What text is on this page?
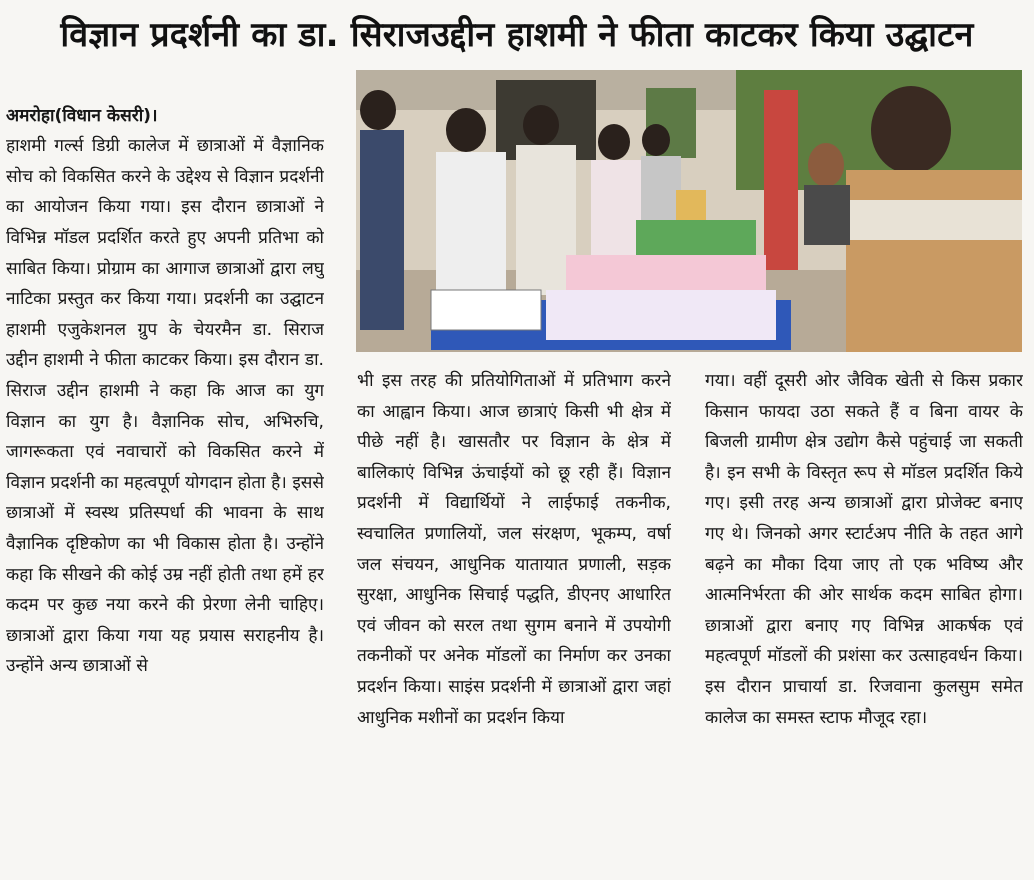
विज्ञान प्रदर्शनी का डा. सिराजउद्दीन हाशमी ने फीता काटकर किया उद्घाटन

अमरोहा(विधान केसरी)।
हाशमी गर्ल्स डिग्री कालेज में छात्राओं में वैज्ञानिक सोच को विकसित करने के उद्देश्य से विज्ञान प्रदर्शनी का आयोजन किया गया। इस दौरान छात्राओं ने विभिन्न मॉडल प्रदर्शित करते हुए अपनी प्रतिभा को साबित किया। प्रोग्राम का आगाज छात्राओं द्वारा लघु नाटिका प्रस्तुत कर किया गया। प्रदर्शनी का उद्घाटन हाशमी एजुकेशनल ग्रुप के चेयरमैन डा. सिराज उद्दीन हाशमी ने फीता काटकर किया। इस दौरान डा. सिराज उद्दीन हाशमी ने कहा कि आज का युग विज्ञान का युग है। वैज्ञानिक सोच, अभिरुचि, जागरूकता एवं नवाचारों को विकसित करने में विज्ञान प्रदर्शनी का महत्वपूर्ण योगदान होता है। इससे छात्राओं में स्वस्थ प्रतिस्पर्धा की भावना के साथ वैज्ञानिक दृष्टिकोण का भी विकास होता है। उन्होंने कहा कि सीखने की कोई उम्र नहीं होती तथा हमें हर कदम पर कुछ नया करने की प्रेरणा लेनी चाहिए। छात्राओं द्वारा किया गया यह प्रयास सराहनीय है। उन्होंने अन्य छात्राओं से

भी इस तरह की प्रतियोगिताओं में प्रतिभाग करने का आह्वान किया। आज छात्राएं किसी भी क्षेत्र में पीछे नहीं है। खासतौर पर विज्ञान के क्षेत्र में बालिकाएं विभिन्न ऊंचाईयों को छू रही हैं। विज्ञान प्रदर्शनी में विद्यार्थियों ने लाईफाई तकनीक, स्वचालित प्रणालियों, जल संरक्षण, भूकम्प, वर्षा जल संचयन, आधुनिक यातायात प्रणाली, सड़क सुरक्षा, आधुनिक सिचाई पद्धति, डीएनए आधारित एवं जीवन को सरल तथा सुगम बनाने में उपयोगी तकनीकों पर अनेक मॉडलों का निर्माण कर उनका प्रदर्शन किया। साइंस प्रदर्शनी में छात्राओं द्वारा जहां आधुनिक मशीनों का प्रदर्शन किया
गया। वहीं दूसरी ओर जैविक खेती से किस प्रकार किसान फायदा उठा सकते हैं व बिना वायर के बिजली ग्रामीण क्षेत्र उद्योग कैसे पहुंचाई जा सकती है। इन सभी के विस्तृत रूप से मॉडल प्रदर्शित किये गए। इसी तरह अन्य छात्राओं द्वारा प्रोजेक्ट बनाए गए थे। जिनको अगर स्टार्टअप नीति के तहत आगे बढ़ने का मौका दिया जाए तो एक भविष्य और आत्मनिर्भरता की ओर सार्थक कदम साबित होगा। छात्राओं द्वारा बनाए गए विभिन्न आकर्षक एवं महत्वपूर्ण मॉडलों की प्रशंसा कर उत्साहवर्धन किया। इस दौरान प्राचार्या डा. रिजवाना कुलसुम समेत कालेज का समस्त स्टाफ मौजूद रहा।
